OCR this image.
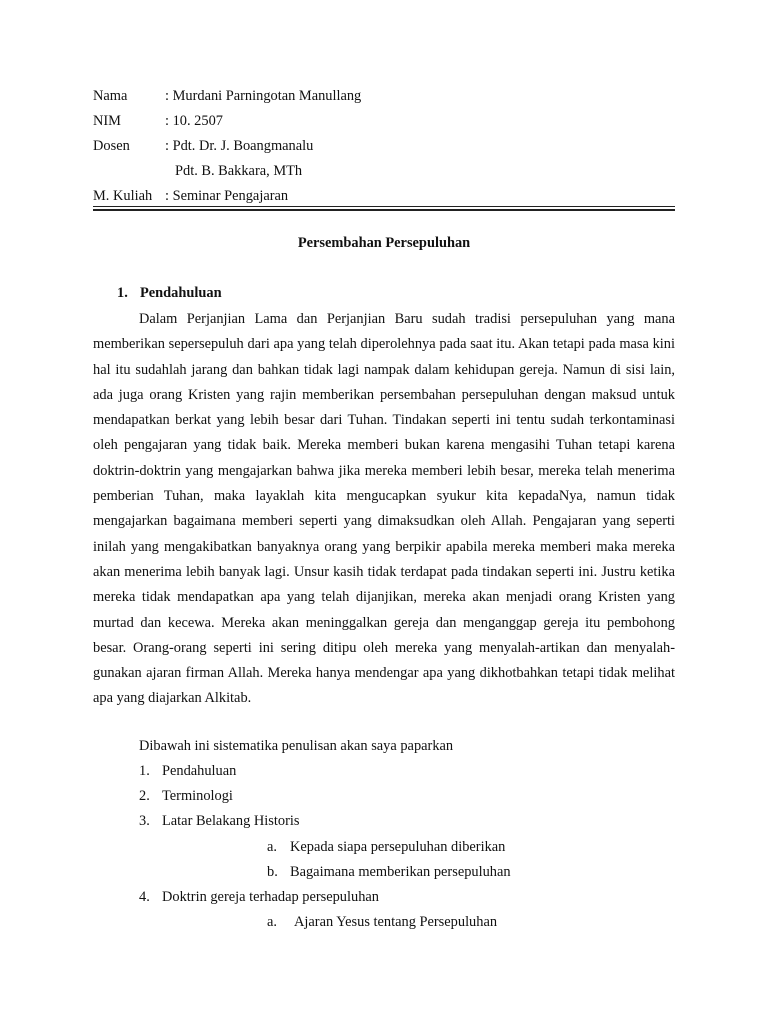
Nama	: Murdani Parningotan Manullang
NIM	: 10. 2507
Dosen : Pdt. Dr. J. Boangmanalu
Pdt. B. Bakkara, MTh
M. Kuliah : Seminar Pengajaran
Persembahan Persepuluhan
1. Pendahuluan

Dalam Perjanjian Lama dan Perjanjian Baru sudah tradisi persepuluhan yang mana memberikan sepersepuluh dari apa yang telah diperolehnya pada saat itu. Akan tetapi pada masa kini hal itu sudahlah jarang dan bahkan tidak lagi nampak dalam kehidupan gereja. Namun di sisi lain, ada juga orang Kristen yang rajin memberikan persembahan persepuluhan dengan maksud untuk mendapatkan berkat yang lebih besar dari Tuhan. Tindakan seperti ini tentu sudah terkontaminasi oleh pengajaran yang tidak baik. Mereka memberi bukan karena mengasihi Tuhan tetapi karena doktrin-doktrin yang mengajarkan bahwa jika mereka memberi lebih besar, mereka telah menerima pemberian Tuhan, maka layaklah kita mengucapkan syukur kita kepadaNya, namun tidak mengajarkan bagaimana memberi seperti yang dimaksudkan oleh Allah. Pengajaran yang seperti inilah yang mengakibatkan banyaknya orang yang berpikir apabila mereka memberi maka mereka akan menerima lebih banyak lagi. Unsur kasih tidak terdapat pada tindakan seperti ini. Justru ketika mereka tidak mendapatkan apa yang telah dijanjikan, mereka akan menjadi orang Kristen yang murtad dan kecewa. Mereka akan meninggalkan gereja dan menganggap gereja itu pembohong besar. Orang-orang seperti ini sering ditipu oleh mereka yang menyalah-artikan dan menyalah-gunakan ajaran firman Allah. Mereka hanya mendengar apa yang dikhotbahkan tetapi tidak melihat apa yang diajarkan Alkitab.

Dibawah ini sistematika penulisan akan saya paparkan
1. Pendahuluan
2. Terminologi
3. Latar Belakang Historis
a. Kepada siapa persepuluhan diberikan
b. Bagaimana memberikan persepuluhan
4. Doktrin gereja terhadap persepuluhan
a. Ajaran Yesus tentang Persepuluhan
